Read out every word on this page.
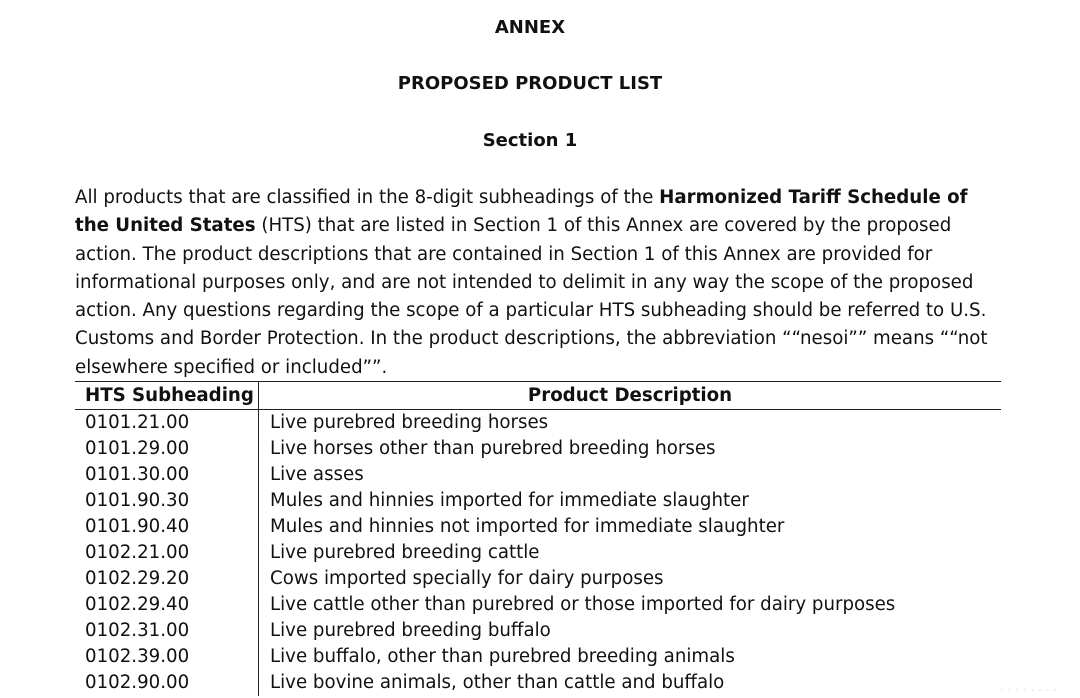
ANNEX
PROPOSED PRODUCT LIST
Section 1

All products that are classified in the 8-digit subheadings of the Harmonized Tariff Schedule of the United States (HTS) that are listed in Section 1 of this Annex are covered by the proposed action. The product descriptions that are contained in Section 1 of this Annex are provided for informational purposes only, and are not intended to delimit in any way the scope of the proposed action. Any questions regarding the scope of a particular HTS subheading should be referred to U.S. Customs and Border Protection. In the product descriptions, the abbreviation ““nesoi”” means ““not elsewhere specified or included””.

HTS Subheading	Product Description
0101.21.00	Live purebred breeding horses
0101.29.00	Live horses other than purebred breeding horses
0101.30.00	Live asses
0101.90.30	Mules and hinnies imported for immediate slaughter
0101.90.40	Mules and hinnies not imported for immediate slaughter
0102.21.00	Live purebred breeding cattle
0102.29.20	Cows imported specially for dairy purposes
0102.29.40	Live cattle other than purebred or those imported for dairy purposes
0102.31.00	Live purebred breeding buffalo
0102.39.00	Live buffalo, other than purebred breeding animals
0102.90.00	Live bovine animals, other than cattle and buffalo	· · · · · · · ·
